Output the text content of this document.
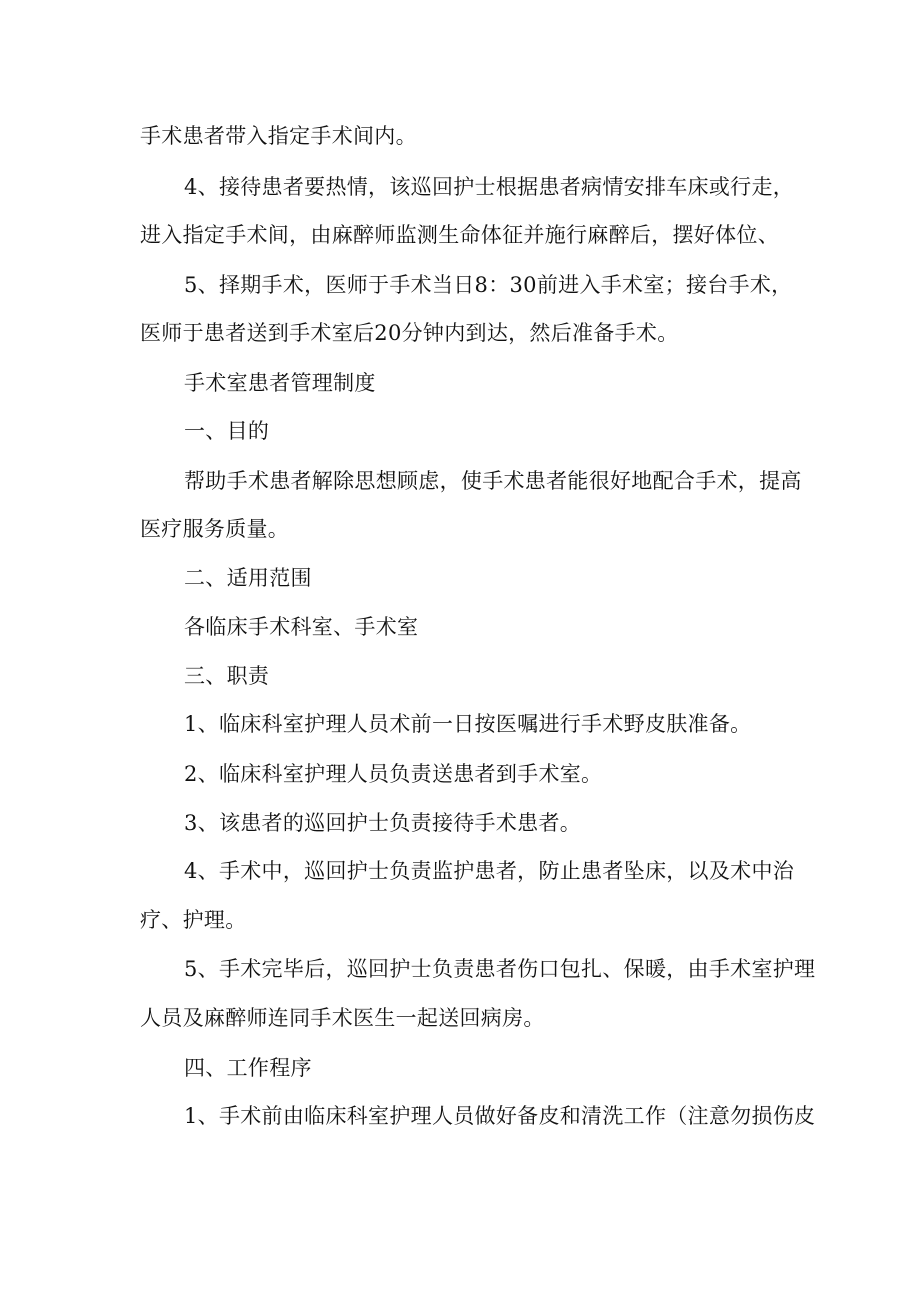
手术患者带入指定手术间内。
4、接待患者要热情，该巡回护士根据患者病情安排车床或行走，
进入指定手术间，由麻醉师监测生命体征并施行麻醉后，摆好体位、
5、择期手术，医师于手术当日8：30前进入手术室；接台手术，
医师于患者送到手术室后20分钟内到达，然后准备手术。
手术室患者管理制度
一、目的
帮助手术患者解除思想顾虑，使手术患者能很好地配合手术，提高
医疗服务质量。
二、适用范围
各临床手术科室、手术室
三、职责
1、临床科室护理人员术前一日按医嘱进行手术野皮肤准备。
2、临床科室护理人员负责送患者到手术室。
3、该患者的巡回护士负责接待手术患者。
4、手术中，巡回护士负责监护患者，防止患者坠床，以及术中治
疗、护理。
5、手术完毕后，巡回护士负责患者伤口包扎、保暖，由手术室护理
人员及麻醉师连同手术医生一起送回病房。
四、工作程序
1、手术前由临床科室护理人员做好备皮和清洗工作（注意勿损伤皮
